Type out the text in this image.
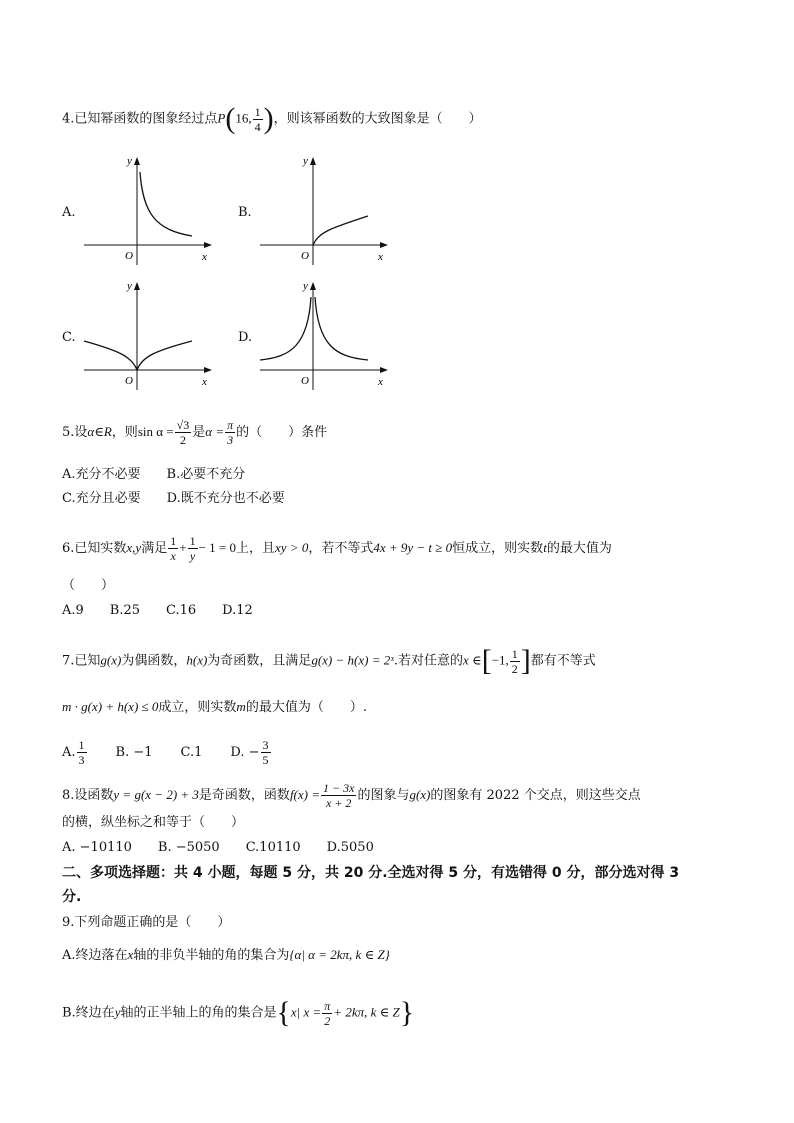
4.已知幂函数的图象经过点P(16, $\frac{1}{4}$ )，则该幂函数的大致图象是（　　）
A.	B.
C.	D.
y
x
O
y
x
O
y
x
O
y
x
O
5.设α∈R，则$\sin \alpha = \frac{√3}{2}$ 是$\alpha = \frac{\pi}{3}$ 的（　　）条件
A.充分不必要　　B.必要不充分
C.充分且必要　　D.既不充分也不必要
6.已知实数x,y满足 $\frac{1}{x} + \frac{1}{y} - 1 = 0$上，且xy > 0，若不等式4x + 9y − t ≥ 0恒成立，则实数t的最大值为
（　　）
A.9　　B.25　　C.16　　D.12
7.已知g(x)为偶函数，h(x)为奇函数，且满足g(x) − h(x) = 2ˣ.若对任意的x ∈[−1, $\frac{1}{2}$ ]都有不等式
m · g(x) + h(x) ≤ 0成立，则实数m的最大值为（　　）.
A. $\frac{1}{3} B$. −1 C.1 D. − $\frac{3}{5}$
8.设函数y = g(x − 2) + 3是奇函数，函数$f(x) = \frac{1 - 3x}{x + 2}$ 的图象与g(x)的图象有 2022 个交点，则这些交点
的横，纵坐标之和等于（　　）
A. −10110　　B. −5050　　C.10110　　D.5050
二、多项选择题：共 4 小题，每题 5 分，共 20 分.全选对得 5 分，有选错得 0 分，部分选对得 3
分.
9.下列命题正确的是（　　）
A.终边落在x轴的非负半轴的角的集合为{α| α = 2kπ, k ∈ Z}
B.终边在y轴的正半轴上的角的集合是{x| $x = \frac{\pi}{2} + 2k\pi$, k ∈ Z}
